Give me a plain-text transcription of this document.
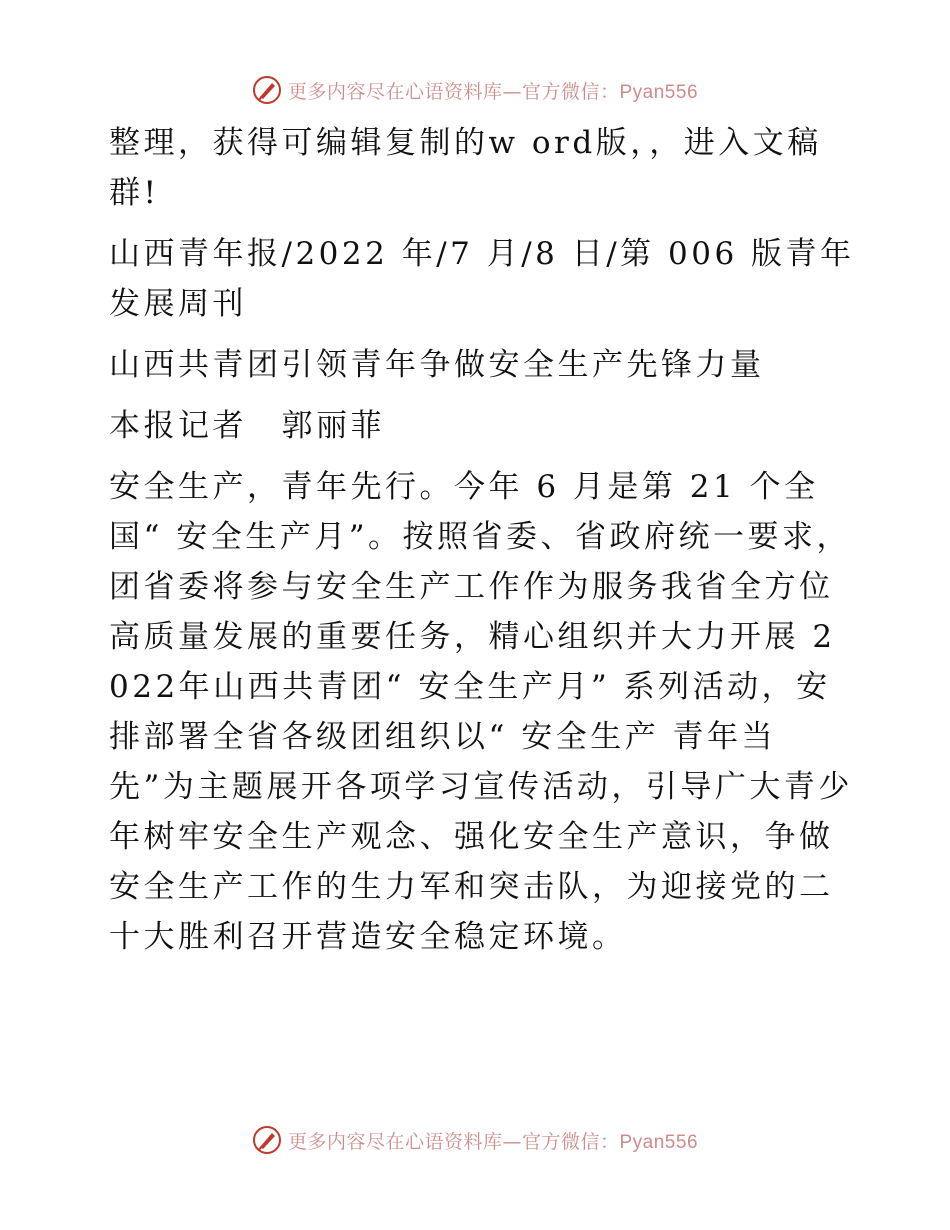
更多内容尽在心语资料库—官方微信：Pyan556

整理，获得可编辑复制的w ord版，，进入文稿群!

山西青年报/2022 年/7 月/8 日/第 006 版青年发展周刊

山西共青团引领青年争做安全生产先锋力量

本报记者　郭丽菲

安全生产，青年先行。今年 6 月是第 21 个全国“ 安全生产月”。按照省委、省政府统一要求，团省委将参与安全生产工作作为服务我省全方位高质量发展的重要任务，精心组织并大力开展 2022年山西共青团“ 安全生产月” 系列活动，安排部署全省各级团组织以“ 安全生产 青年当先”为主题展开各项学习宣传活动，引导广大青少年树牢安全生产观念、强化安全生产意识，争做安全生产工作的生力军和突击队，为迎接党的二十大胜利召开营造安全稳定环境。

更多内容尽在心语资料库—官方微信：Pyan556
